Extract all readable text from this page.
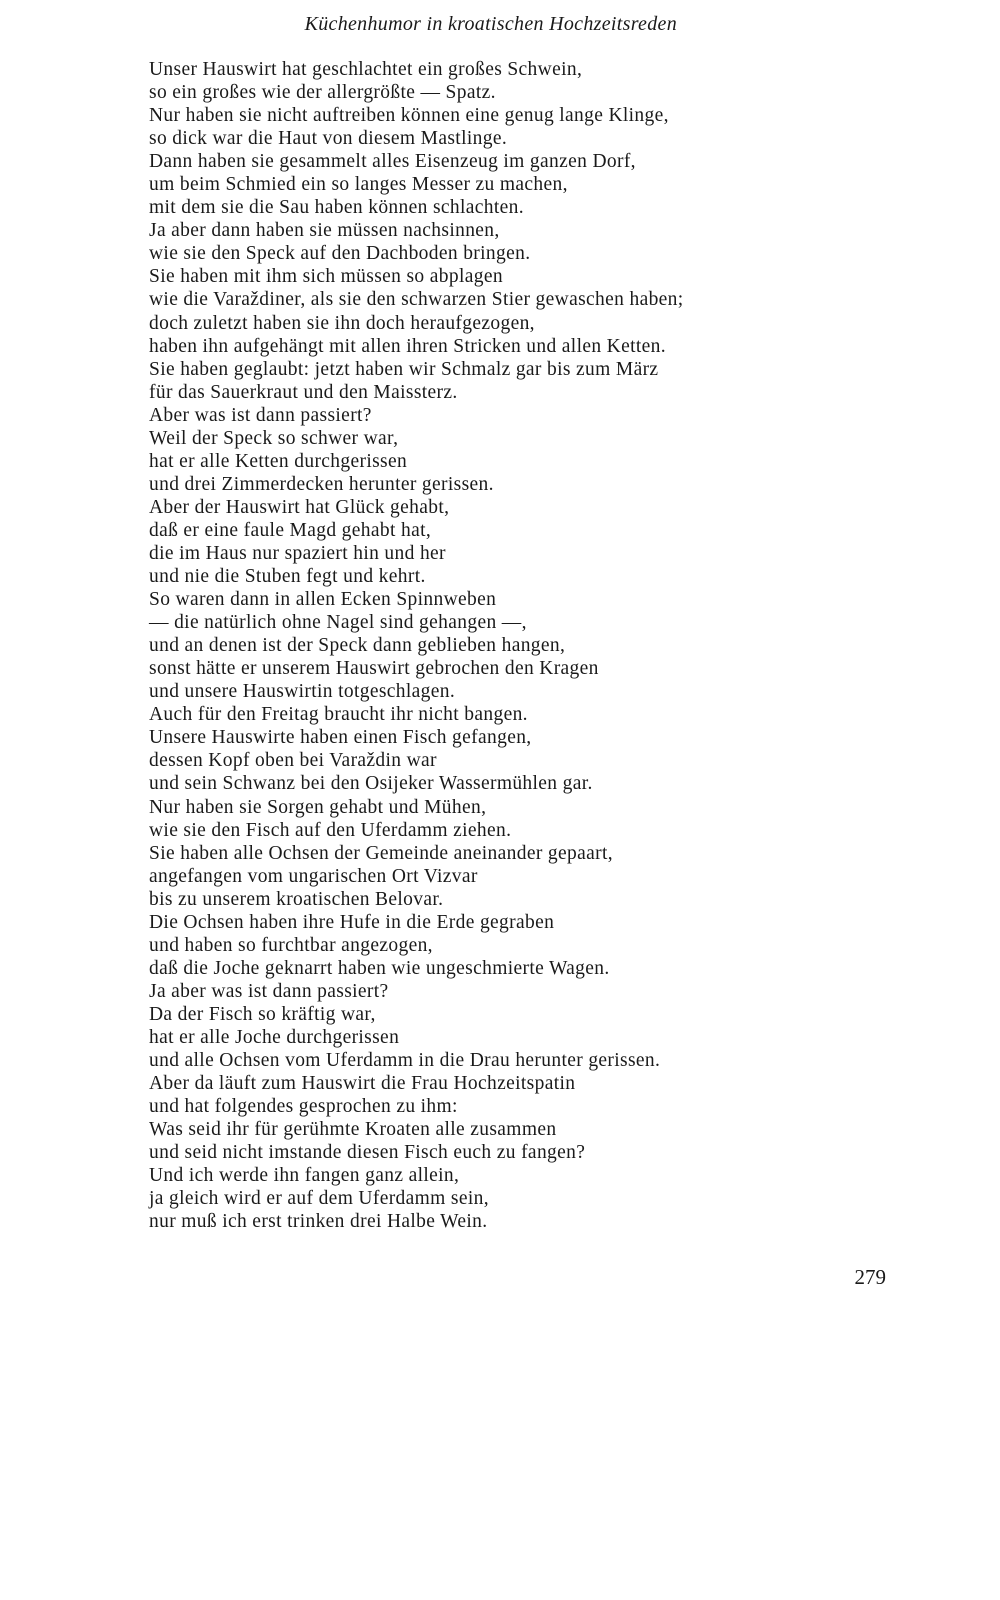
Küchenhumor in kroatischen Hochzeitsreden
Unser Hauswirt hat geschlachtet ein großes Schwein,
so ein großes wie der allergrößte — Spatz.
Nur haben sie nicht auftreiben können eine genug lange Klinge,
so dick war die Haut von diesem Mastlinge.
Dann haben sie gesammelt alles Eisenzeug im ganzen Dorf,
um beim Schmied ein so langes Messer zu machen,
mit dem sie die Sau haben können schlachten.
Ja aber dann haben sie müssen nachsinnen,
wie sie den Speck auf den Dachboden bringen.
Sie haben mit ihm sich müssen so abplagen
wie die Varaždiner, als sie den schwarzen Stier gewaschen haben;
doch zuletzt haben sie ihn doch heraufgezogen,
haben ihn aufgehängt mit allen ihren Stricken und allen Ketten.
Sie haben geglaubt: jetzt haben wir Schmalz gar bis zum März
für das Sauerkraut und den Maissterz.
Aber was ist dann passiert?
Weil der Speck so schwer war,
hat er alle Ketten durchgerissen
und drei Zimmerdecken herunter gerissen.
Aber der Hauswirt hat Glück gehabt,
daß er eine faule Magd gehabt hat,
die im Haus nur spaziert hin und her
und nie die Stuben fegt und kehrt.
So waren dann in allen Ecken Spinnweben
— die natürlich ohne Nagel sind gehangen —,
und an denen ist der Speck dann geblieben hangen,
sonst hätte er unserem Hauswirt gebrochen den Kragen
und unsere Hauswirtin totgeschlagen.
Auch für den Freitag braucht ihr nicht bangen.
Unsere Hauswirte haben einen Fisch gefangen,
dessen Kopf oben bei Varaždin war
und sein Schwanz bei den Osijeker Wassermühlen gar.
Nur haben sie Sorgen gehabt und Mühen,
wie sie den Fisch auf den Uferdamm ziehen.
Sie haben alle Ochsen der Gemeinde aneinander gepaart,
angefangen vom ungarischen Ort Vizvar
bis zu unserem kroatischen Belovar.
Die Ochsen haben ihre Hufe in die Erde gegraben
und haben so furchtbar angezogen,
daß die Joche geknarrt haben wie ungeschmierte Wagen.
Ja aber was ist dann passiert?
Da der Fisch so kräftig war,
hat er alle Joche durchgerissen
und alle Ochsen vom Uferdamm in die Drau herunter gerissen.
Aber da läuft zum Hauswirt die Frau Hochzeitspatin
und hat folgendes gesprochen zu ihm:
Was seid ihr für gerühmte Kroaten alle zusammen
und seid nicht imstande diesen Fisch euch zu fangen?
Und ich werde ihn fangen ganz allein,
ja gleich wird er auf dem Uferdamm sein,
nur muß ich erst trinken drei Halbe Wein.
279
